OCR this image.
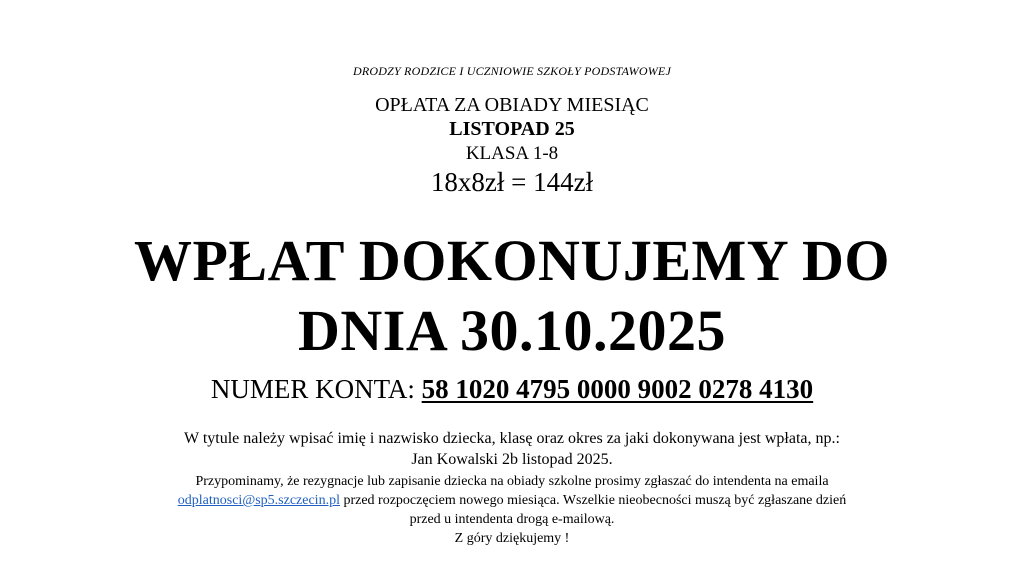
DRODZY RODZICE I UCZNIOWIE SZKOŁY PODSTAWOWEJ
OPŁATA ZA OBIADY MIESIĄC
LISTOPAD 25
KLASA 1-8
18x8zł = 144zł
WPŁAT DOKONUJEMY DO
DNIA 30.10.2025
NUMER KONTA: 58 1020 4795 0000 9002 0278 4130
W tytule należy wpisać imię i nazwisko dziecka, klasę oraz okres za jaki dokonywana jest wpłata, np.:
Jan Kowalski 2b listopad 2025.
Przypominamy, że rezygnacje lub zapisanie dziecka na obiady szkolne prosimy zgłaszać do intendenta na emaila
odplatnosci@sp5.szczecin.pl przed rozpoczęciem nowego miesiąca. Wszelkie nieobecności muszą być zgłaszane dzień
przed u intendenta drogą e-mailową.
Z góry dziękujemy !
